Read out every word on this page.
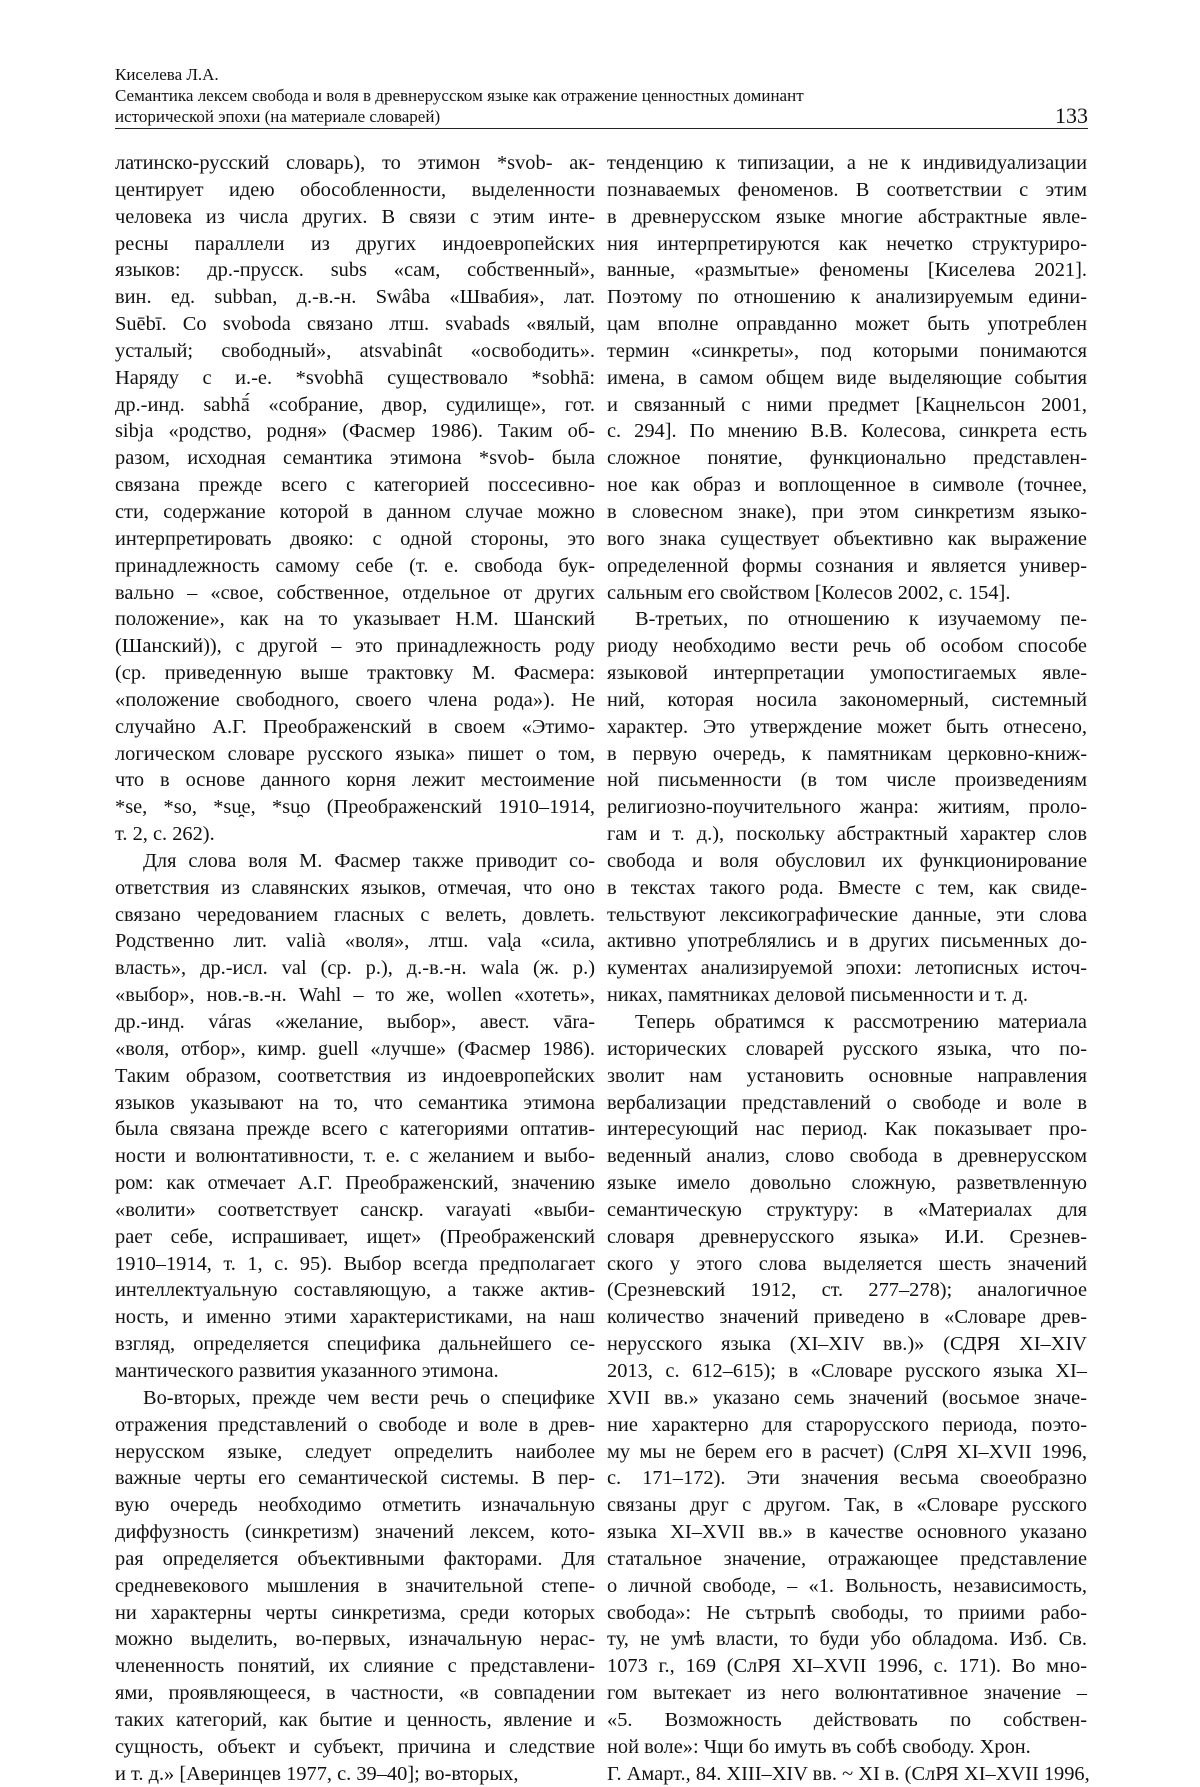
Киселева Л.А.
Семантика лексем свобода и воля в древнерусском языке как отражение ценностных доминант
исторической эпохи (на материале словарей)	133
латинско-русский словарь), то этимон *svob- ак-
центирует идею обособленности, выделенности
человека из числа других. В связи с этим инте-
ресны параллели из других индоевропейских
языков: др.-прусск. subs «сам, собственный»,
вин. ед. subban, д.-в.-н. Swâba «Швабия», лат.
Suēbī. Со svoboda связано лтш. svabads «вялый,
усталый; свободный», atsvabinât «освободить».
Наряду с и.-е. *svobhā существовало *sobhā:
др.-инд. sabhā́ «собрание, двор, судилище», гот.
sibja «родство, родня» (Фасмер 1986). Таким об-
разом, исходная семантика этимона *svob- была
связана прежде всего с категорией поссесивно-
сти, содержание которой в данном случае можно
интерпретировать двояко: с одной стороны, это
принадлежность самому себе (т. е. свобода бук-
вально – «свое, собственное, отдельное от других
положение», как на то указывает Н.М. Шанский
(Шанский)), с другой – это принадлежность роду
(ср. приведенную выше трактовку М. Фасмера:
«положение свободного, своего члена рода»). Не
случайно А.Г. Преображенский в своем «Этимо-
логическом словаре русского языка» пишет о том,
что в основе данного корня лежит местоимение
*se, *so, *su̯e, *su̯o (Преображенский 1910–1914,
т. 2, с. 262).
Для слова воля М. Фасмер также приводит со-
ответствия из славянских языков, отмечая, что оно
связано чередованием гласных с велеть, довлеть.
Родственно лит. valià «воля», лтш. val̨a «сила,
власть», др.-исл. val (ср. р.), д.-в.-н. wala (ж. р.)
«выбор», нов.-в.-н. Wahl – то же, wollen «хотеть»,
др.-инд. váras «желание, выбор», авест. vāra-
«воля, отбор», кимр. guell «лучше» (Фасмер 1986).
Таким образом, соответствия из индоевропейских
языков указывают на то, что семантика этимона
была связана прежде всего с категориями оптатив-
ности и волюнтативности, т. е. с желанием и выбо-
ром: как отмечает А.Г. Преображенский, значению
«волити» соответствует санскр. varayati «выби-
рает себе, испрашивает, ищет» (Преображенский
1910–1914, т. 1, с. 95). Выбор всегда предполагает
интеллектуальную составляющую, а также актив-
ность, и именно этими характеристиками, на наш
взгляд, определяется специфика дальнейшего се-
мантического развития указанного этимона.
Во-вторых, прежде чем вести речь о специфике
отражения представлений о свободе и воле в древ-
нерусском языке, следует определить наиболее
важные черты его семантической системы. В пер-
вую очередь необходимо отметить изначальную
диффузность (синкретизм) значений лексем, кото-
рая определяется объективными факторами. Для
средневекового мышления в значительной степе-
ни характерны черты синкретизма, среди которых
можно выделить, во-первых, изначальную нерас-
члененность понятий, их слияние с представлени-
ями, проявляющееся, в частности, «в совпадении
таких категорий, как бытие и ценность, явление и
сущность, объект и субъект, причина и следствие
и т. д.» [Аверинцев 1977, с. 39–40]; во-вторых,
тенденцию к типизации, а не к индивидуализации
познаваемых феноменов. В соответствии с этим
в древнерусском языке многие абстрактные явле-
ния интерпретируются как нечетко структуриро-
ванные, «размытые» феномены [Киселева 2021].
Поэтому по отношению к анализируемым едини-
цам вполне оправданно может быть употреблен
термин «синкреты», под которыми понимаются
имена, в самом общем виде выделяющие события
и связанный с ними предмет [Кацнельсон 2001,
с. 294]. По мнению В.В. Колесова, синкрета есть
сложное понятие, функционально представлен-
ное как образ и воплощенное в символе (точнее,
в словесном знаке), при этом синкретизм языко-
вого знака существует объективно как выражение
определенной формы сознания и является универ-
сальным его свойством [Колесов 2002, с. 154].
В-третьих, по отношению к изучаемому пе-
риоду необходимо вести речь об особом способе
языковой интерпретации умопостигаемых явле-
ний, которая носила закономерный, системный
характер. Это утверждение может быть отнесено,
в первую очередь, к памятникам церковно-книж-
ной письменности (в том числе произведениям
религиозно-поучительного жанра: житиям, проло-
гам и т. д.), поскольку абстрактный характер слов
свобода и воля обусловил их функционирование
в текстах такого рода. Вместе с тем, как свиде-
тельствуют лексикографические данные, эти слова
активно употреблялись и в других письменных до-
кументах анализируемой эпохи: летописных источ-
никах, памятниках деловой письменности и т. д.
Теперь обратимся к рассмотрению материала
исторических словарей русского языка, что по-
зволит нам установить основные направления
вербализации представлений о свободе и воле в
интересующий нас период. Как показывает про-
веденный анализ, слово свобода в древнерусском
языке имело довольно сложную, разветвленную
семантическую структуру: в «Материалах для
словаря древнерусского языка» И.И. Срезнев-
ского у этого слова выделяется шесть значений
(Срезневский 1912, ст. 277–278); аналогичное
количество значений приведено в «Словаре древ-
нерусского языка (XI–XIV вв.)» (СДРЯ XI–XIV
2013, с. 612–615); в «Словаре русского языка XI–
XVII вв.» указано семь значений (восьмое значе-
ние характерно для старорусского периода, поэто-
му мы не берем его в расчет) (СлРЯ XI–XVII 1996,
с. 171–172). Эти значения весьма своеобразно
связаны друг с другом. Так, в «Словаре русского
языка XI–XVII вв.» в качестве основного указано
статальное значение, отражающее представление
о личной свободе, – «1. Вольность, независимость,
свобода»: Не сътрьпѣ свободы, то приими рабо-
ту, не умѣ власти, то буди убо обладома. Изб. Св.
1073 г., 169 (СлРЯ XI–XVII 1996, с. 171). Во мно-
гом вытекает из него волюнтативное значение –
«5. Возможность действовать по собствен-
ной воле»: Чщи бо имуть въ собѣ свободу. Хрон.
Г. Амарт., 84. XIII–XIV вв. ~ XI в. (СлРЯ XI–XVII 1996,
